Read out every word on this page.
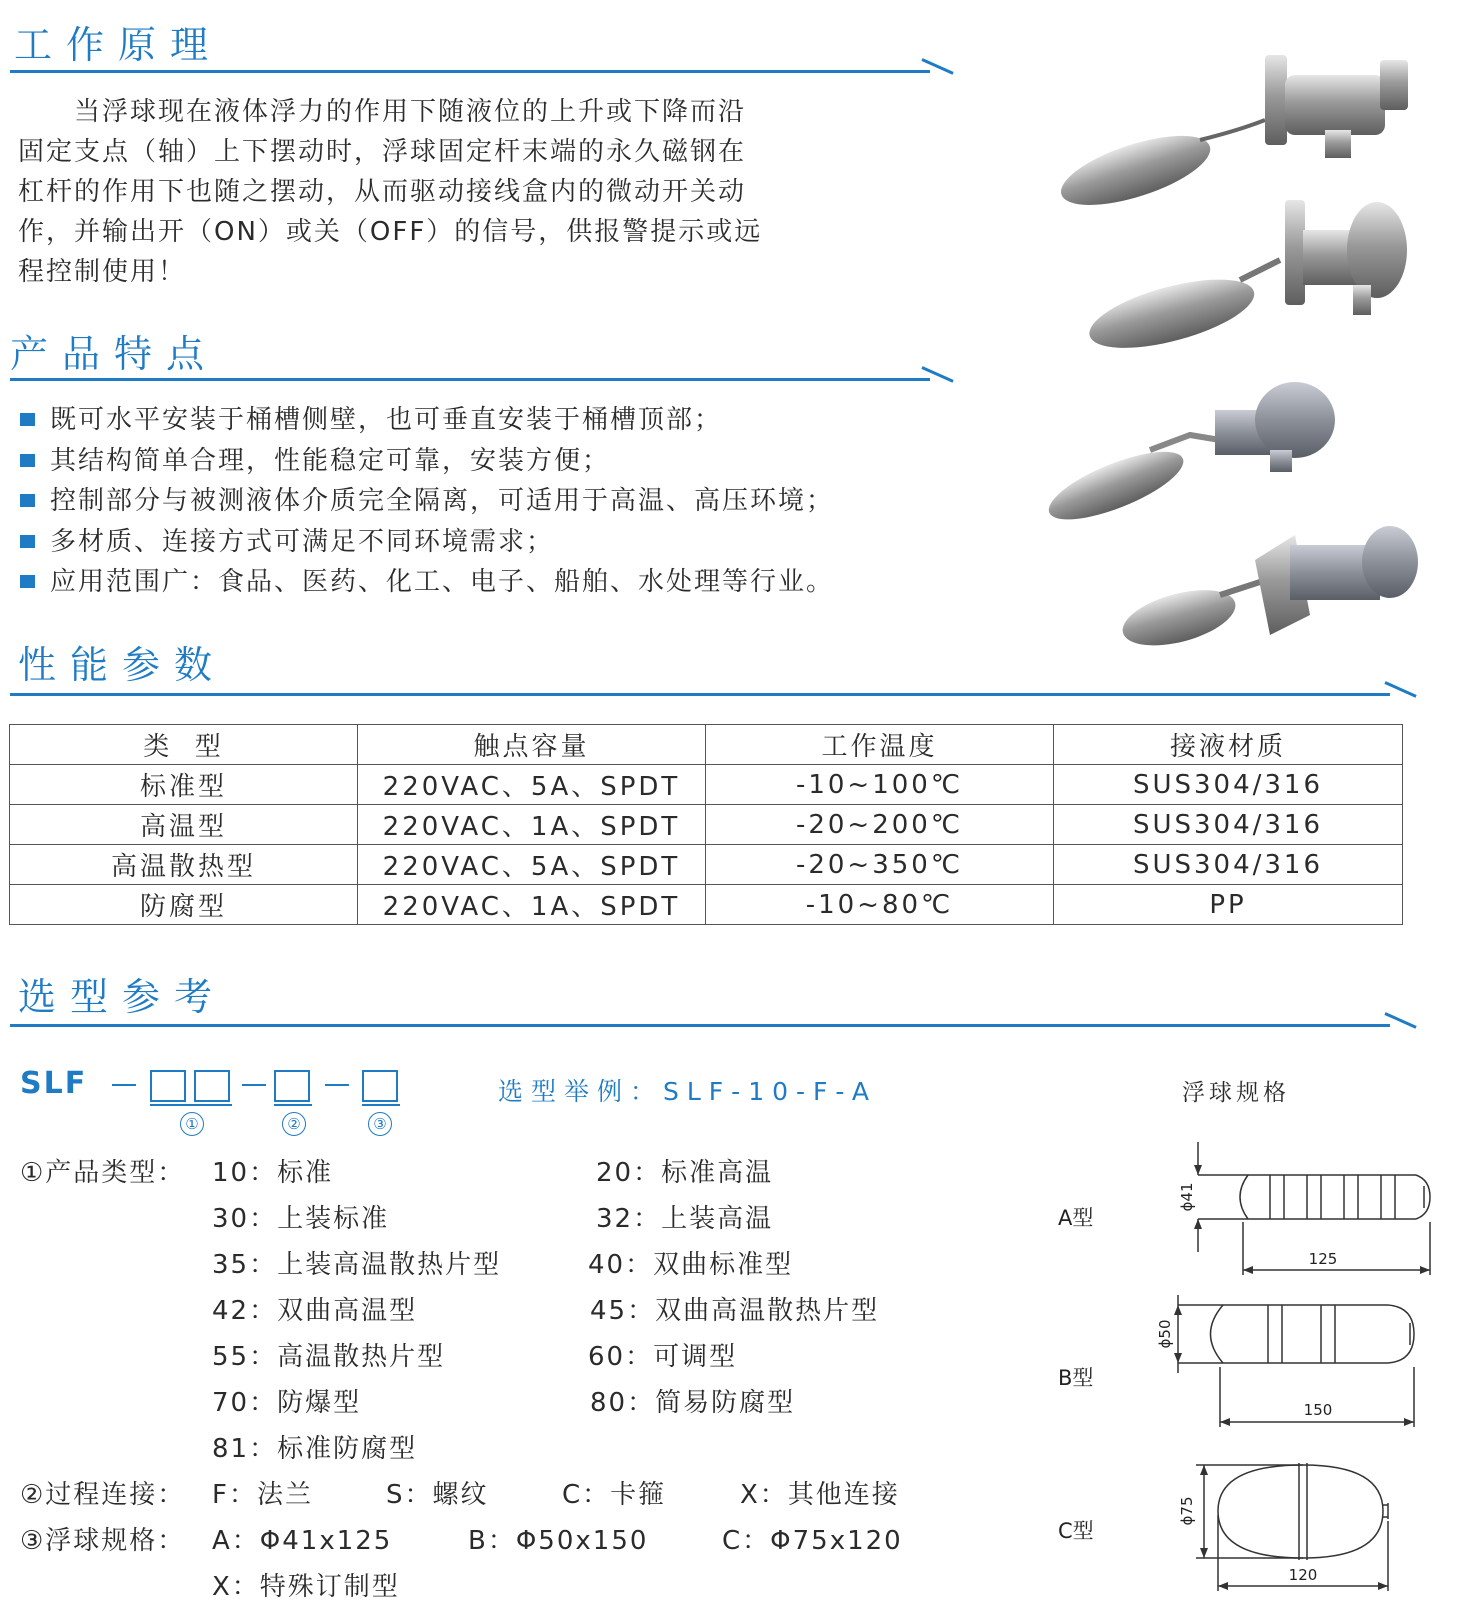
工作原理
　　当浮球现在液体浮力的作用下随液位的上升或下降而沿
固定支点（轴）上下摆动时，浮球固定杆末端的永久磁钢在
杠杆的作用下也随之摆动，从而驱动接线盒内的微动开关动
作，并输出开（ON）或关（OFF）的信号，供报警提示或远
程控制使用！
产品特点
既可水平安装于桶槽侧壁，也可垂直安装于桶槽顶部；
其结构简单合理，性能稳定可靠，安装方便；
控制部分与被测液体介质完全隔离，可适用于高温、高压环境；
多材质、连接方式可满足不同环境需求；
应用范围广：食品、医药、化工、电子、船舶、水处理等行业。
性能参数
类  型	触点容量	工作温度	接液材质
标准型	220VAC、5A、SPDT	-10~100℃	SUS304/316
高温型	220VAC、1A、SPDT	-20~200℃	SUS304/316
高温散热型	220VAC、5A、SPDT	-20~350℃	SUS304/316
防腐型	220VAC、1A、SPDT	-10~80℃	PP
选型参考
SLF
①	②	③
选型举例：SLF-10-F-A	浮球规格
①产品类型： 10：标准	20：标准高温
30：上装标准	32：上装高温
35：上装高温散热片型	40：双曲标准型
42：双曲高温型	45：双曲高温散热片型
55：高温散热片型	60：可调型
70：防爆型	80：简易防腐型
81：标准防腐型
②过程连接： F：法兰	S：螺纹	C：卡箍	X：其他连接
③浮球规格： A：Φ41x125	B：Φ50x150	C：Φ75x120
X：特殊订制型
A型
ϕ41
125
B型
ϕ50
150
C型
ϕ75
120
